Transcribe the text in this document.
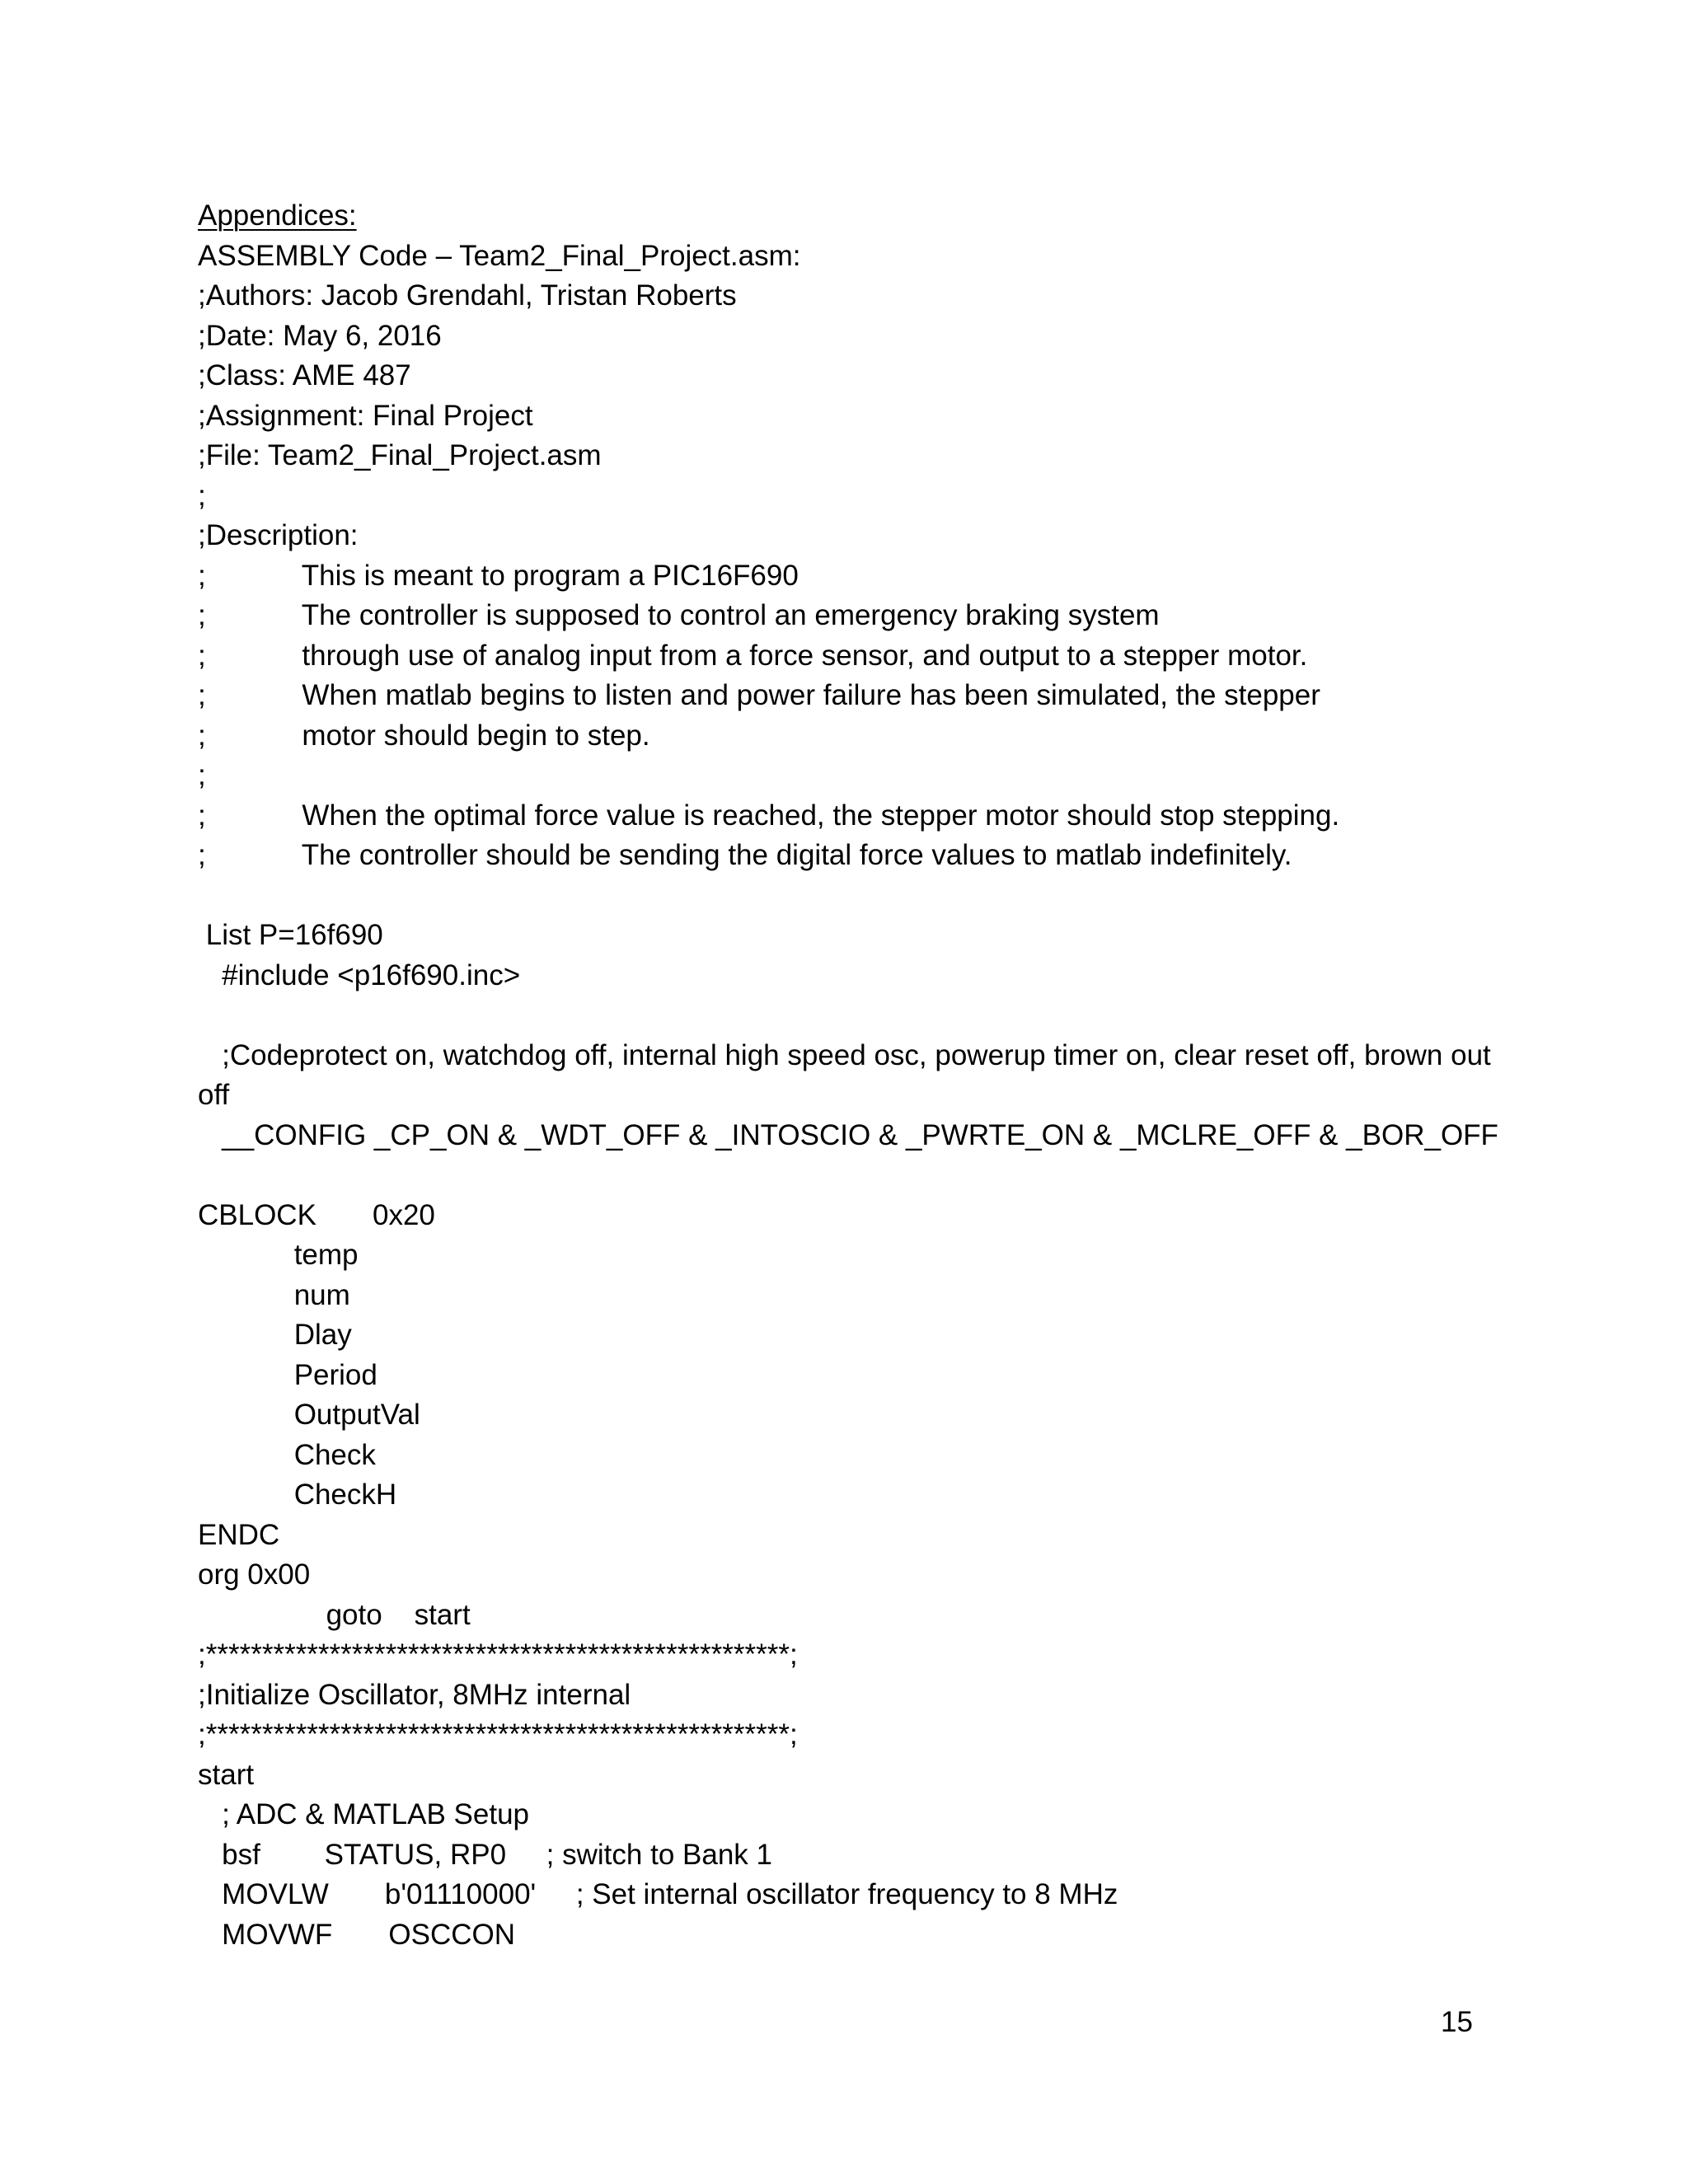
Appendices:
ASSEMBLY Code – Team2_Final_Project.asm:
;Authors: Jacob Grendahl, Tristan Roberts
;Date: May 6, 2016
;Class: AME 487
;Assignment: Final Project
;File: Team2_Final_Project.asm
;
;Description:
;            This is meant to program a PIC16F690
;            The controller is supposed to control an emergency braking system
;            through use of analog input from a force sensor, and output to a stepper motor.
;            When matlab begins to listen and power failure has been simulated, the stepper
;            motor should begin to step.
;
;            When the optimal force value is reached, the stepper motor should stop stepping.
;            The controller should be sending the digital force values to matlab indefinitely.
List P=16f690
#include <p16f690.inc>
;Codeprotect on, watchdog off, internal high speed osc, powerup timer on, clear reset off, brown out
off
__CONFIG _CP_ON & _WDT_OFF & _INTOSCIO & _PWRTE_ON & _MCLRE_OFF & _BOR_OFF
CBLOCK       0x20
temp
num
Dlay
Period
OutputVal
Check
CheckH
ENDC
org 0x00
goto    start
;****************************************************;
;Initialize Oscillator, 8MHz internal
;****************************************************;
start
; ADC & MATLAB Setup
bsf        STATUS, RP0     ; switch to Bank 1
MOVLW       b'01110000'     ; Set internal oscillator frequency to 8 MHz
MOVWF       OSCCON
15
